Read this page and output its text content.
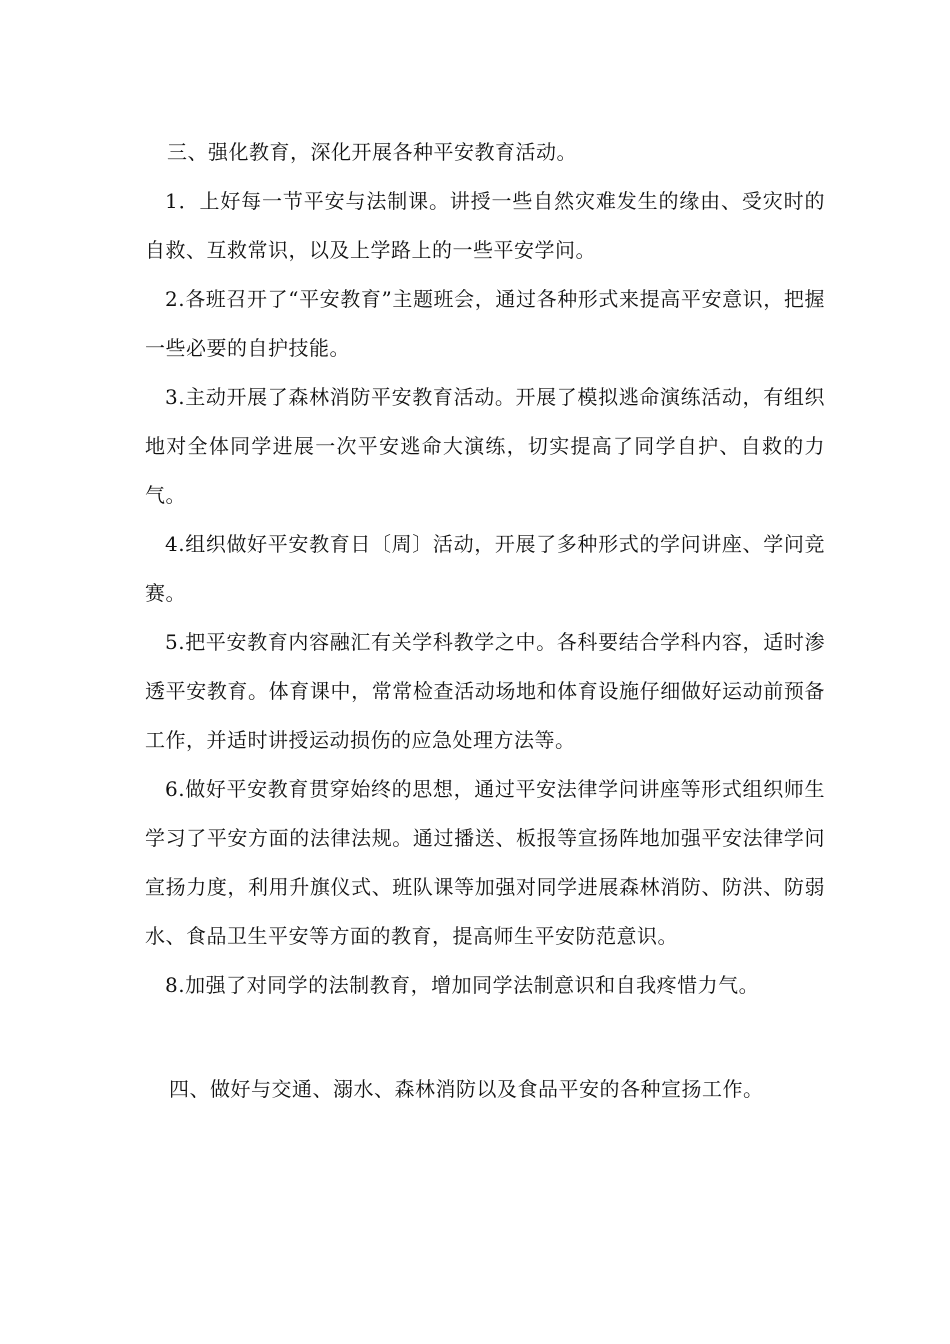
三、强化教育，深化开展各种平安教育活动。

1．上好每一节平安与法制课。讲授一些自然灾难发生的缘由、受灾时的自救、互救常识，以及上学路上的一些平安学问。

2.各班召开了“平安教育”主题班会，通过各种形式来提高平安意识，把握一些必要的自护技能。

3.主动开展了森林消防平安教育活动。开展了模拟逃命演练活动，有组织地对全体同学进展一次平安逃命大演练，切实提高了同学自护、自救的力气。

4.组织做好平安教育日〔周〕活动，开展了多种形式的学问讲座、学问竞赛。

5.把平安教育内容融汇有关学科教学之中。各科要结合学科内容，适时渗透平安教育。体育课中，常常检查活动场地和体育设施仔细做好运动前预备工作，并适时讲授运动损伤的应急处理方法等。

6.做好平安教育贯穿始终的思想，通过平安法律学问讲座等形式组织师生学习了平安方面的法律法规。通过播送、板报等宣扬阵地加强平安法律学问宣扬力度，利用升旗仪式、班队课等加强对同学进展森林消防、防洪、防弱水、食品卫生平安等方面的教育，提高师生平安防范意识。

8.加强了对同学的法制教育，增加同学法制意识和自我疼惜力气。

四、做好与交通、溺水、森林消防以及食品平安的各种宣扬工作。
